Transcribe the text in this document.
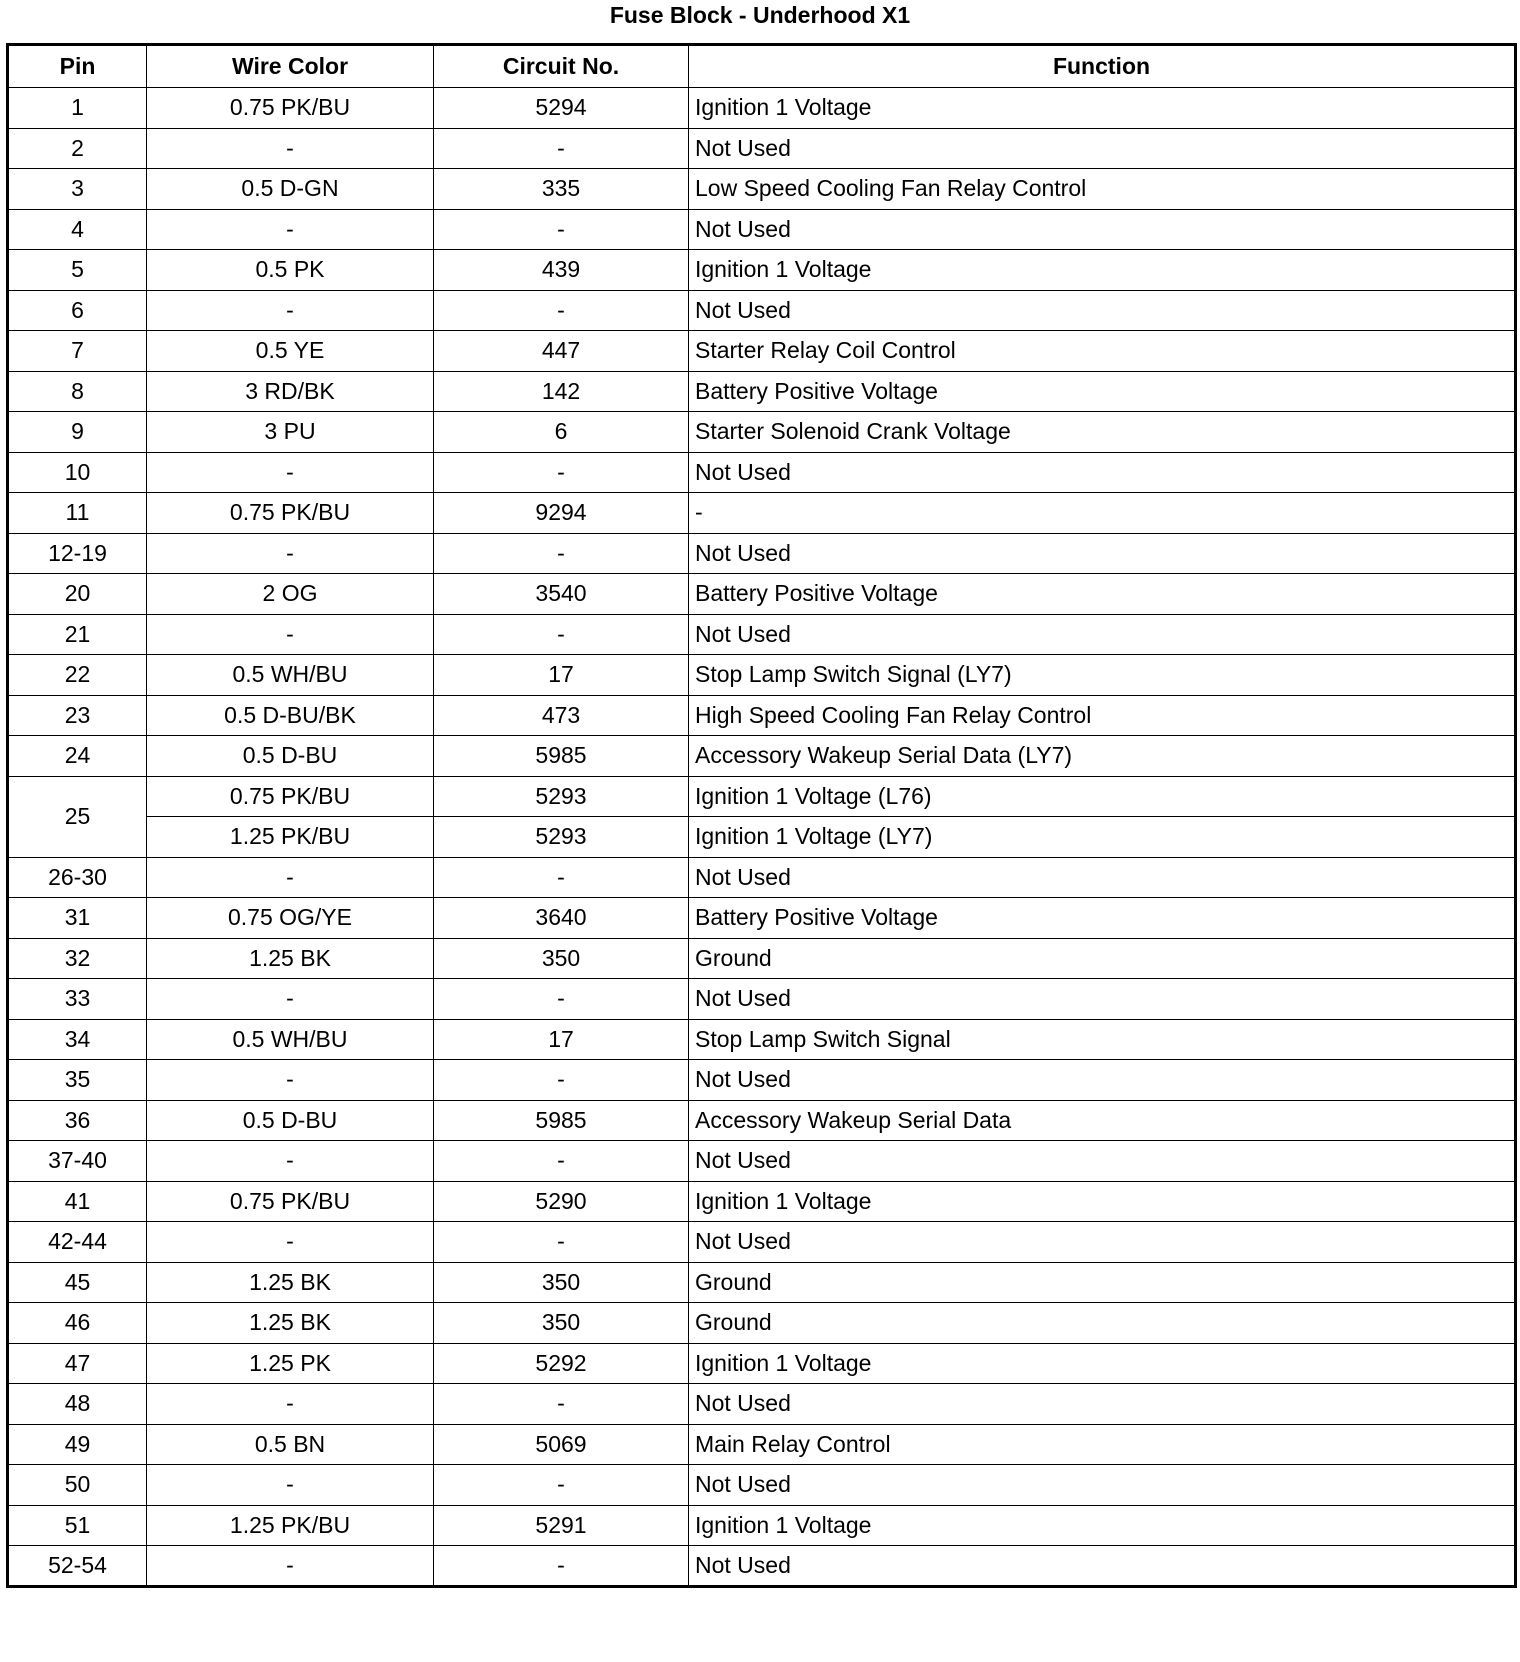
Fuse Block - Underhood X1
Pin	Wire Color	Circuit No.	Function
1	0.75 PK/BU	5294	Ignition 1 Voltage
2	-	-	Not Used
3	0.5 D-GN	335	Low Speed Cooling Fan Relay Control
4	-	-	Not Used
5	0.5 PK	439	Ignition 1 Voltage
6	-	-	Not Used
7	0.5 YE	447	Starter Relay Coil Control
8	3 RD/BK	142	Battery Positive Voltage
9	3 PU	6	Starter Solenoid Crank Voltage
10	-	-	Not Used
11	0.75 PK/BU	9294	-
12-19	-	-	Not Used
20	2 OG	3540	Battery Positive Voltage
21	-	-	Not Used
22	0.5 WH/BU	17	Stop Lamp Switch Signal (LY7)
23	0.5 D-BU/BK	473	High Speed Cooling Fan Relay Control
24	0.5 D-BU	5985	Accessory Wakeup Serial Data (LY7)
25	0.75 PK/BU	5293	Ignition 1 Voltage (L76)
	1.25 PK/BU	5293	Ignition 1 Voltage (LY7)
26-30	-	-	Not Used
31	0.75 OG/YE	3640	Battery Positive Voltage
32	1.25 BK	350	Ground
33	-	-	Not Used
34	0.5 WH/BU	17	Stop Lamp Switch Signal
35	-	-	Not Used
36	0.5 D-BU	5985	Accessory Wakeup Serial Data
37-40	-	-	Not Used
41	0.75 PK/BU	5290	Ignition 1 Voltage
42-44	-	-	Not Used
45	1.25 BK	350	Ground
46	1.25 BK	350	Ground
47	1.25 PK	5292	Ignition 1 Voltage
48	-	-	Not Used
49	0.5 BN	5069	Main Relay Control
50	-	-	Not Used
51	1.25 PK/BU	5291	Ignition 1 Voltage
52-54	-	-	Not Used
